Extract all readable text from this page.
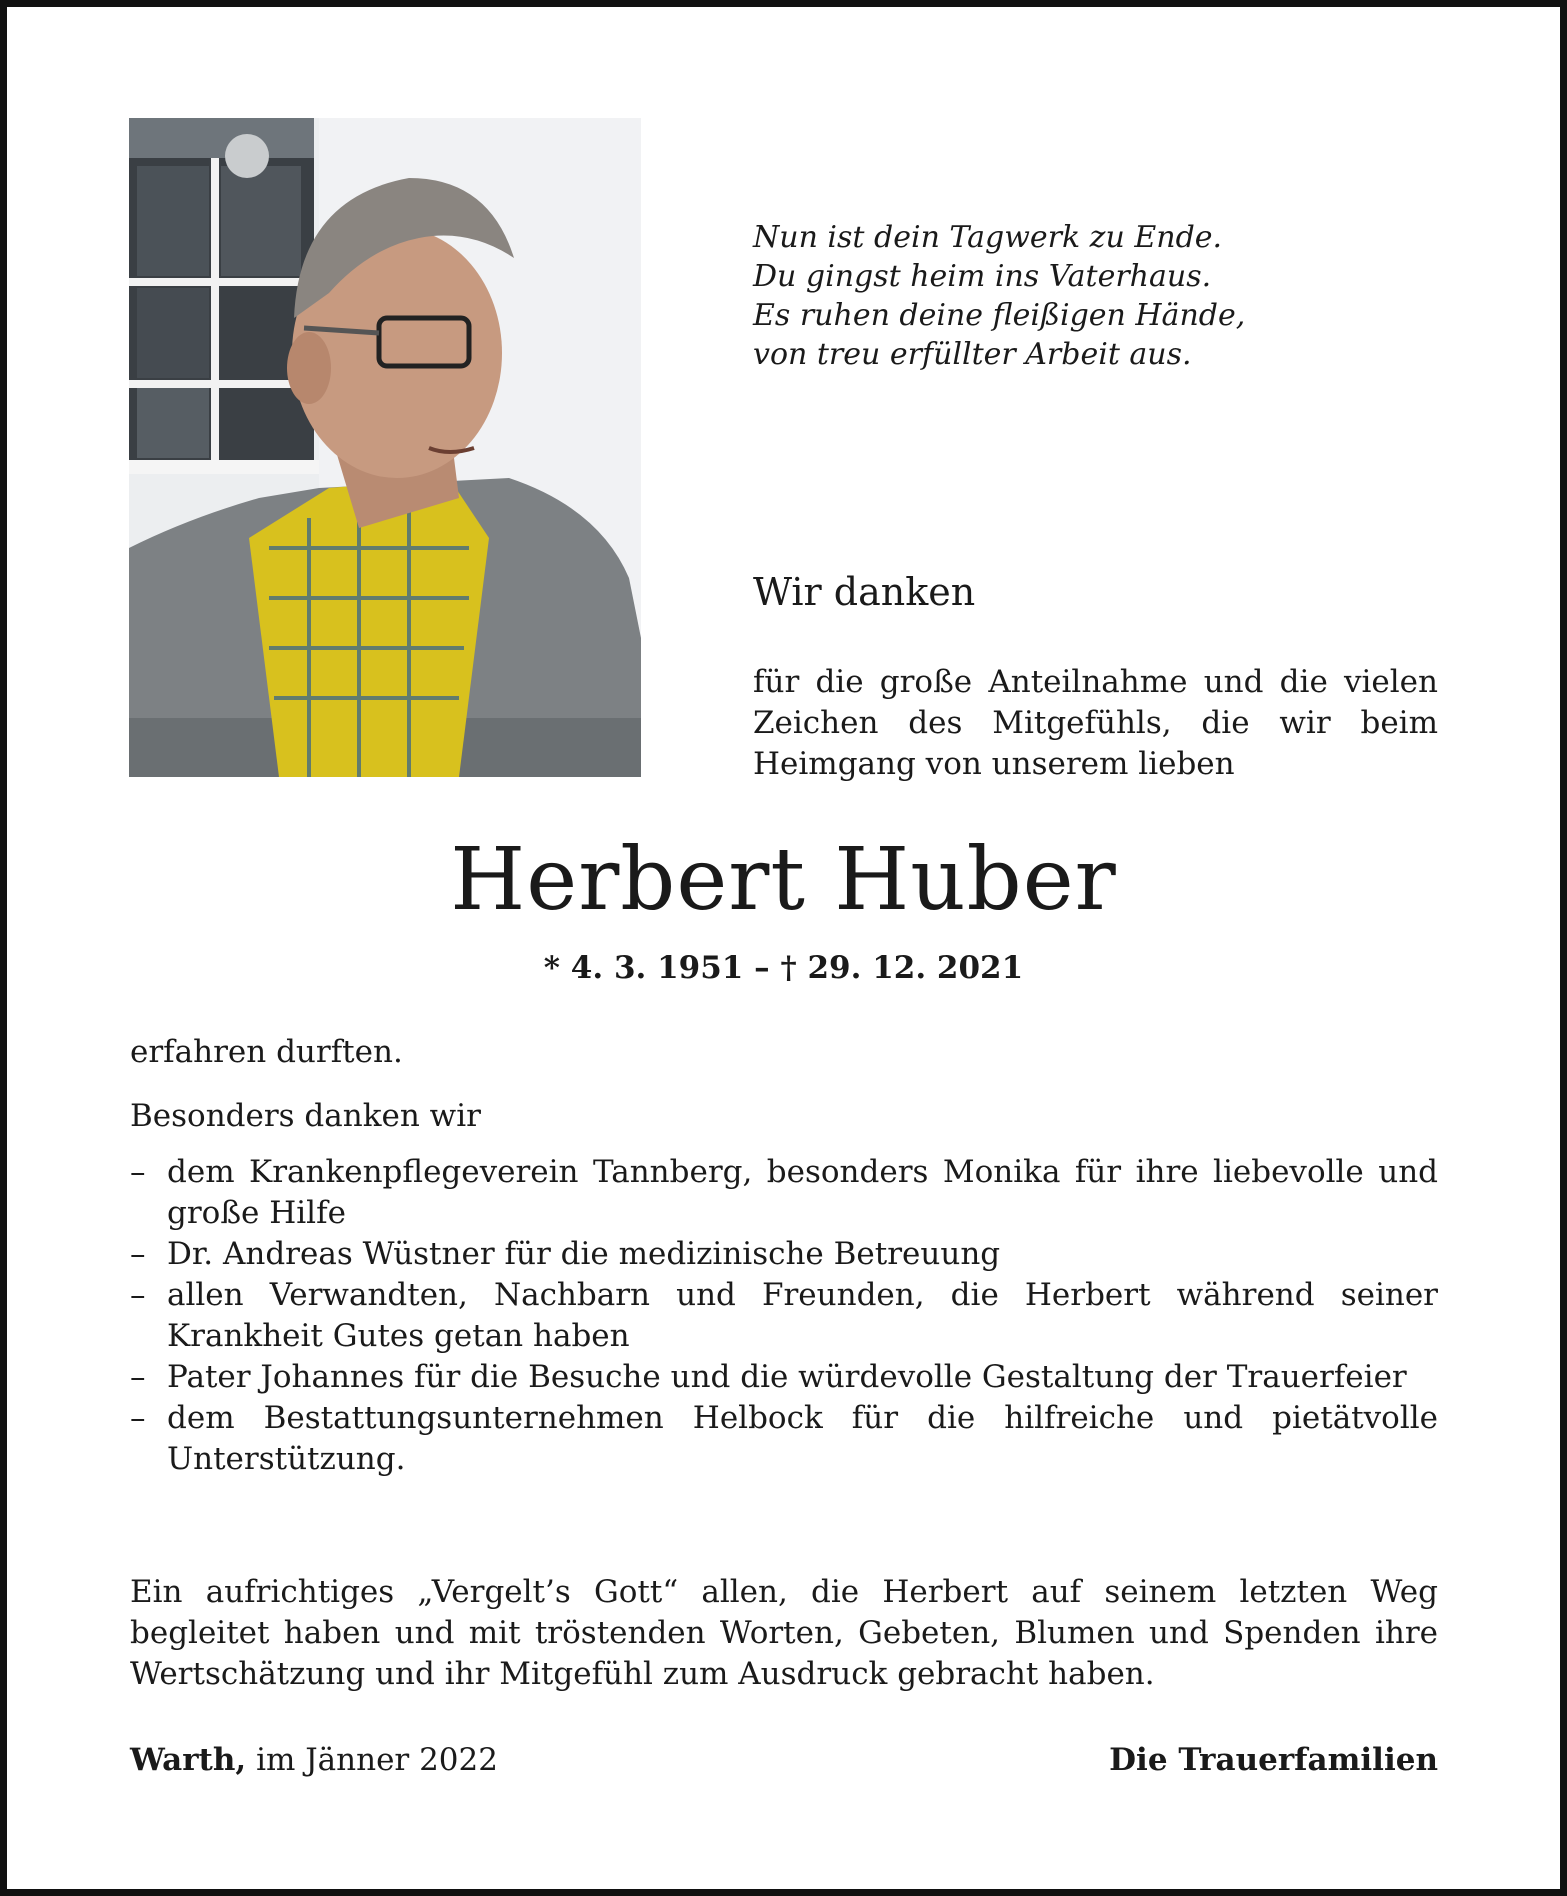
Nun ist dein Tagwerk zu Ende.
Du gingst heim ins Vaterhaus.
Es ruhen deine fleißigen Hände,
von treu erfüllter Arbeit aus.
Wir danken
für die große Anteilnahme und die vielen Zeichen des Mitgefühls, die wir beim Heimgang von unserem lieben
Herbert Huber
* 4. 3. 1951 – † 29. 12. 2021
erfahren durften.
Besonders danken wir
– dem Krankenpflegeverein Tannberg, besonders Monika für ihre liebevolle und große Hilfe
– Dr. Andreas Wüstner für die medizinische Betreuung
– allen Verwandten, Nachbarn und Freunden, die Herbert während seiner Krankheit Gutes getan haben
– Pater Johannes für die Besuche und die würdevolle Gestaltung der Trauerfeier
– dem Bestattungsunternehmen Helbock für die hilfreiche und pietätvolle Unterstützung.
Ein aufrichtiges „Vergelt’s Gott“ allen, die Herbert auf seinem letzten Weg begleitet haben und mit tröstenden Worten, Gebeten, Blumen und Spenden ihre Wertschätzung und ihr Mitgefühl zum Ausdruck gebracht haben.
Warth, im Jänner 2022	Die Trauerfamilien
